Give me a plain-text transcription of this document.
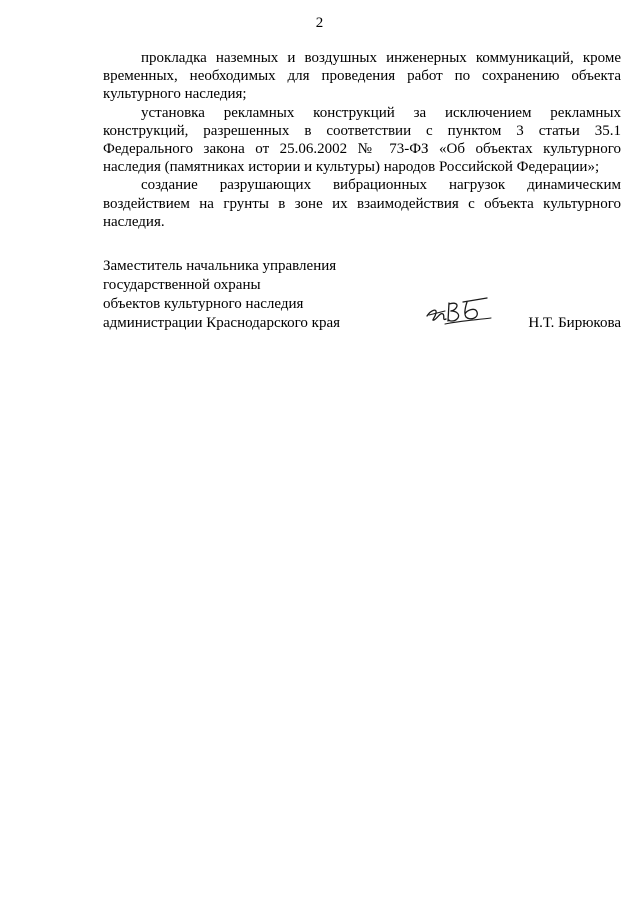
2

прокладка наземных и воздушных инженерных коммуникаций, кроме временных, необходимых для проведения работ по сохранению объекта культурного наследия;

установка рекламных конструкций за исключением рекламных конструкций, разрешенных в соответствии с пунктом 3 статьи 35.1 Федерального закона от 25.06.2002 № 73-ФЗ «Об объектах культурного наследия (памятниках истории и культуры) народов Российской Федерации»;

создание разрушающих вибрационных нагрузок динамическим воздействием на грунты в зоне их взаимодействия с объекта культурного наследия.

Заместитель начальника управления
государственной охраны
объектов культурного наследия
администрации Краснодарского края	Н.Т. Бирюкова
